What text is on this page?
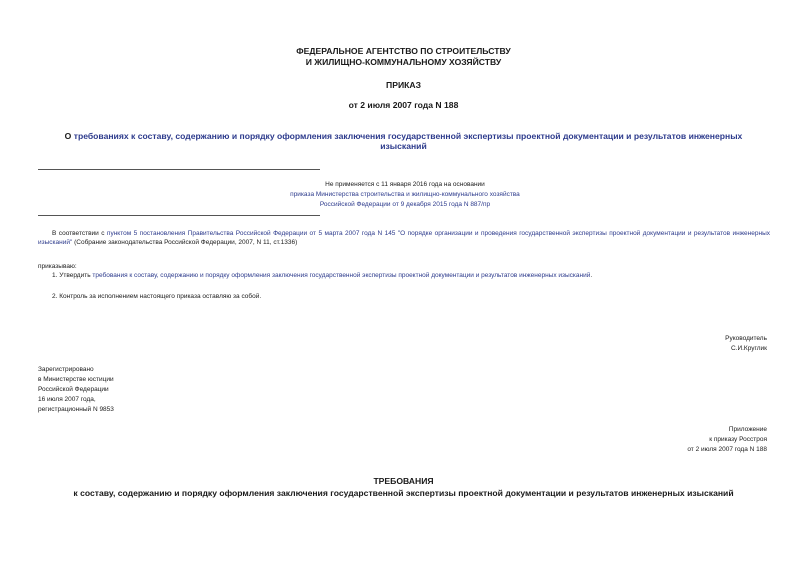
ФЕДЕРАЛЬНОЕ АГЕНТСТВО ПО СТРОИТЕЛЬСТВУ
И ЖИЛИЩНО-КОММУНАЛЬНОМУ ХОЗЯЙСТВУ
ПРИКАЗ
от 2 июля 2007 года N 188
О требованиях к составу, содержанию и порядку оформления заключения государственной экспертизы проектной документации и результатов инженерных изысканий
Не применяется с 11 января 2016 года на основании
приказа Министерства строительства и жилищно-коммунального хозяйства
Российской Федерации от 9 декабря 2015 года N 887/пр
В соответствии с пунктом 5 постановления Правительства Российской Федерации от 5 марта 2007 года N 145 "О порядке организации и проведения государственной экспертизы проектной документации и результатов инженерных изысканий" (Собрание законодательства Российской Федерации, 2007, N 11, ст.1336)
приказываю:
1. Утвердить требования к составу, содержанию и порядку оформления заключения государственной экспертизы проектной документации и результатов инженерных изысканий.
2. Контроль за исполнением настоящего приказа оставляю за собой.
Руководитель
С.И.Круглик
Зарегистрировано
в Министерстве юстиции
Российской Федерации
16 июля 2007 года,
регистрационный N 9853
Приложение
к приказу Росстроя
от 2 июля 2007 года N 188
ТРЕБОВАНИЯ
к составу, содержанию и порядку оформления заключения государственной экспертизы проектной документации и результатов инженерных изысканий
